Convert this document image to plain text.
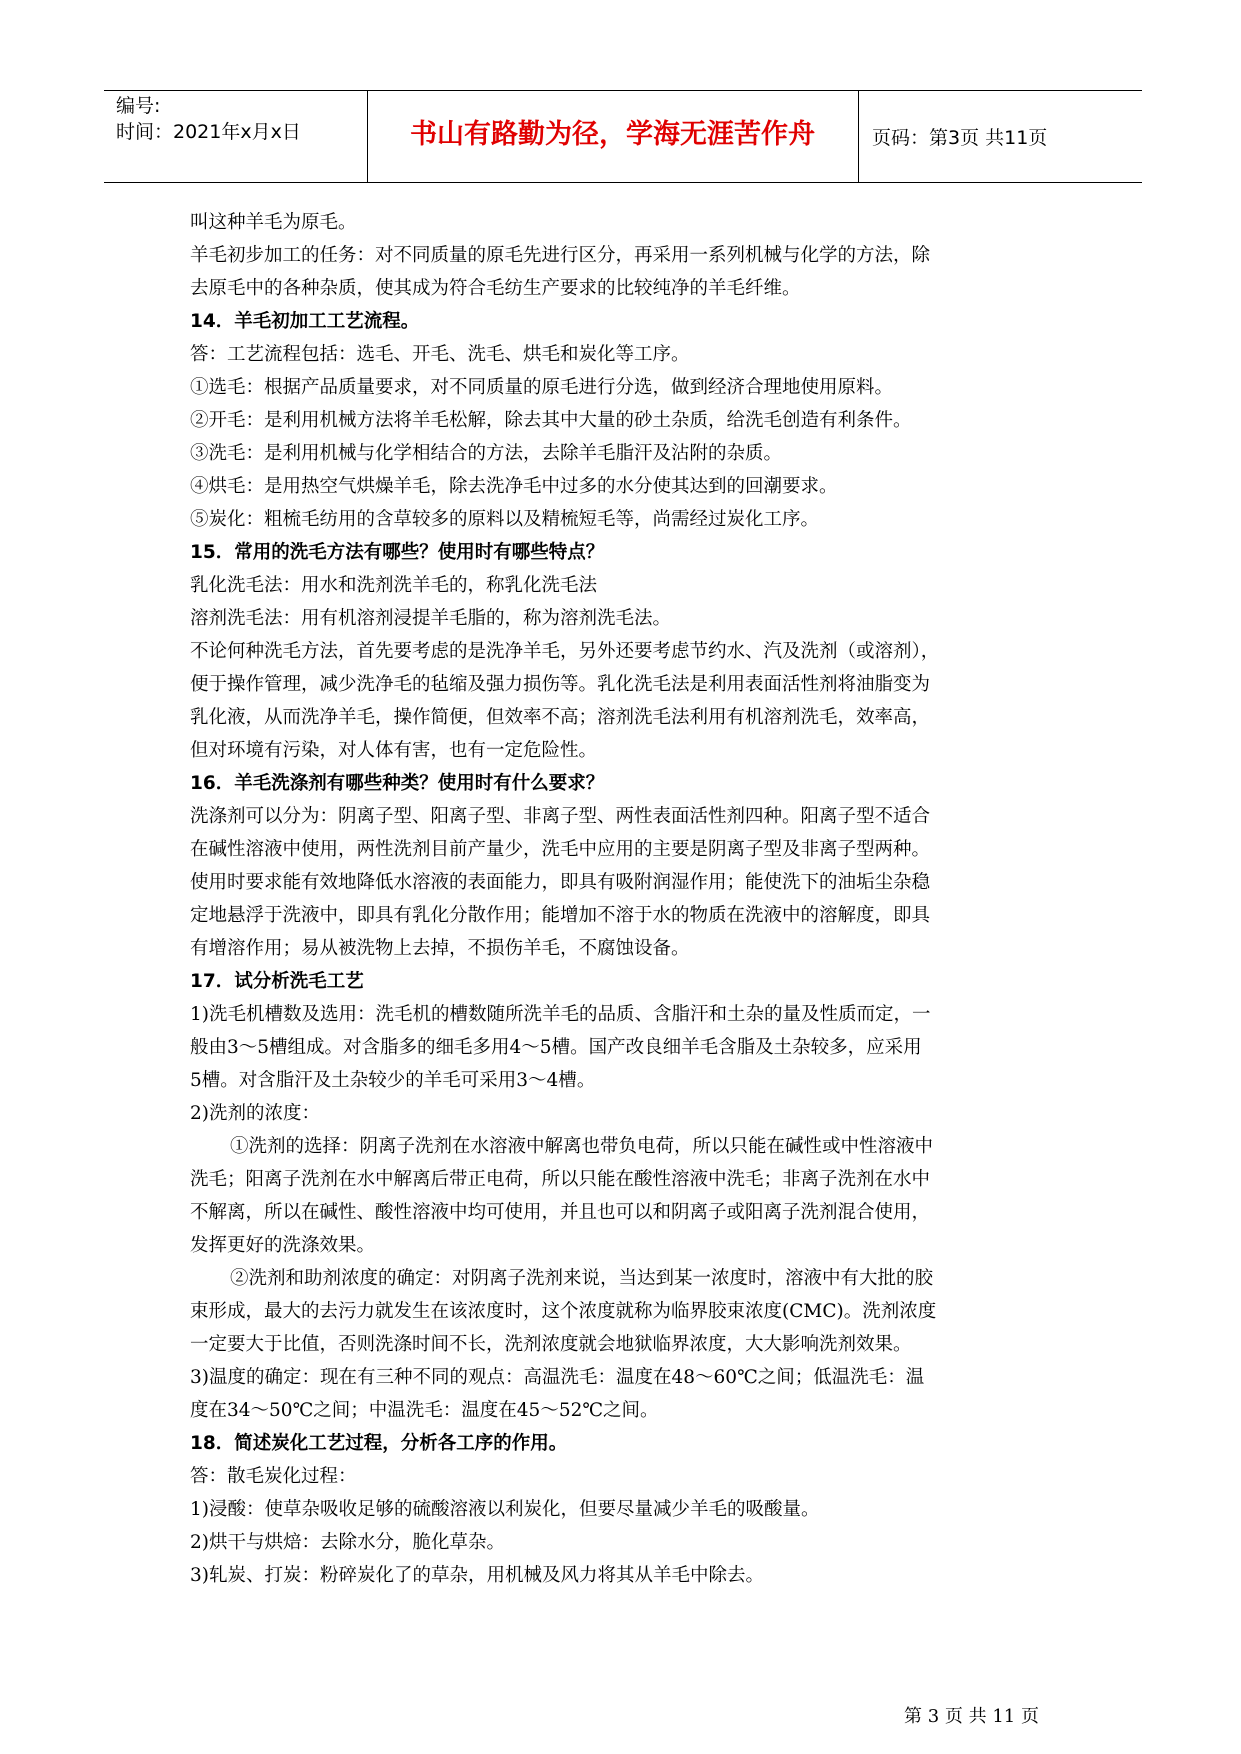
编号:
时间：2021年x月x日	书山有路勤为径，学海无涯苦作舟	页码：第3页 共11页
叫这种羊毛为原毛。
羊毛初步加工的任务：对不同质量的原毛先进行区分，再采用一系列机械与化学的方法，除
去原毛中的各种杂质，使其成为符合毛纺生产要求的比较纯净的羊毛纤维。
14．羊毛初加工工艺流程。
答：工艺流程包括：选毛、开毛、洗毛、烘毛和炭化等工序。
①选毛：根据产品质量要求，对不同质量的原毛进行分选，做到经济合理地使用原料。
②开毛：是利用机械方法将羊毛松解，除去其中大量的砂土杂质，给洗毛创造有利条件。
③洗毛：是利用机械与化学相结合的方法，去除羊毛脂汗及沾附的杂质。
④烘毛：是用热空气烘燥羊毛，除去洗净毛中过多的水分使其达到的回潮要求。
⑤炭化：粗梳毛纺用的含草较多的原料以及精梳短毛等，尚需经过炭化工序。
15．常用的洗毛方法有哪些？使用时有哪些特点？
乳化洗毛法：用水和洗剂洗羊毛的，称乳化洗毛法
溶剂洗毛法：用有机溶剂浸提羊毛脂的，称为溶剂洗毛法。
不论何种洗毛方法，首先要考虑的是洗净羊毛，另外还要考虑节约水、汽及洗剂（或溶剂），
便于操作管理，减少洗净毛的毡缩及强力损伤等。乳化洗毛法是利用表面活性剂将油脂变为
乳化液，从而洗净羊毛，操作简便，但效率不高；溶剂洗毛法利用有机溶剂洗毛，效率高，
但对环境有污染，对人体有害，也有一定危险性。
16．羊毛洗涤剂有哪些种类？使用时有什么要求？
洗涤剂可以分为：阴离子型、阳离子型、非离子型、两性表面活性剂四种。阳离子型不适合
在碱性溶液中使用，两性洗剂目前产量少，洗毛中应用的主要是阴离子型及非离子型两种。
使用时要求能有效地降低水溶液的表面能力，即具有吸附润湿作用；能使洗下的油垢尘杂稳
定地悬浮于洗液中，即具有乳化分散作用；能增加不溶于水的物质在洗液中的溶解度，即具
有增溶作用；易从被洗物上去掉，不损伤羊毛，不腐蚀设备。
17．试分析洗毛工艺
1)洗毛机槽数及选用：洗毛机的槽数随所洗羊毛的品质、含脂汗和土杂的量及性质而定，一
般由3～5槽组成。对含脂多的细毛多用4～5槽。国产改良细羊毛含脂及土杂较多，应采用
5槽。对含脂汗及土杂较少的羊毛可采用3～4槽。
2)洗剂的浓度：
①洗剂的选择：阴离子洗剂在水溶液中解离也带负电荷，所以只能在碱性或中性溶液中
洗毛；阳离子洗剂在水中解离后带正电荷，所以只能在酸性溶液中洗毛；非离子洗剂在水中
不解离，所以在碱性、酸性溶液中均可使用，并且也可以和阴离子或阳离子洗剂混合使用，
发挥更好的洗涤效果。
②洗剂和助剂浓度的确定：对阴离子洗剂来说，当达到某一浓度时，溶液中有大批的胶
束形成，最大的去污力就发生在该浓度时，这个浓度就称为临界胶束浓度(CMC)。洗剂浓度
一定要大于比值，否则洗涤时间不长，洗剂浓度就会地狱临界浓度，大大影响洗剂效果。
3)温度的确定：现在有三种不同的观点：高温洗毛：温度在48～60℃之间；低温洗毛：温
度在34～50℃之间；中温洗毛：温度在45～52℃之间。
18．简述炭化工艺过程，分析各工序的作用。
答：散毛炭化过程：
1)浸酸：使草杂吸收足够的硫酸溶液以利炭化，但要尽量减少羊毛的吸酸量。
2)烘干与烘焙：去除水分，脆化草杂。
3)轧炭、打炭：粉碎炭化了的草杂，用机械及风力将其从羊毛中除去。
第 3 页 共 11 页
